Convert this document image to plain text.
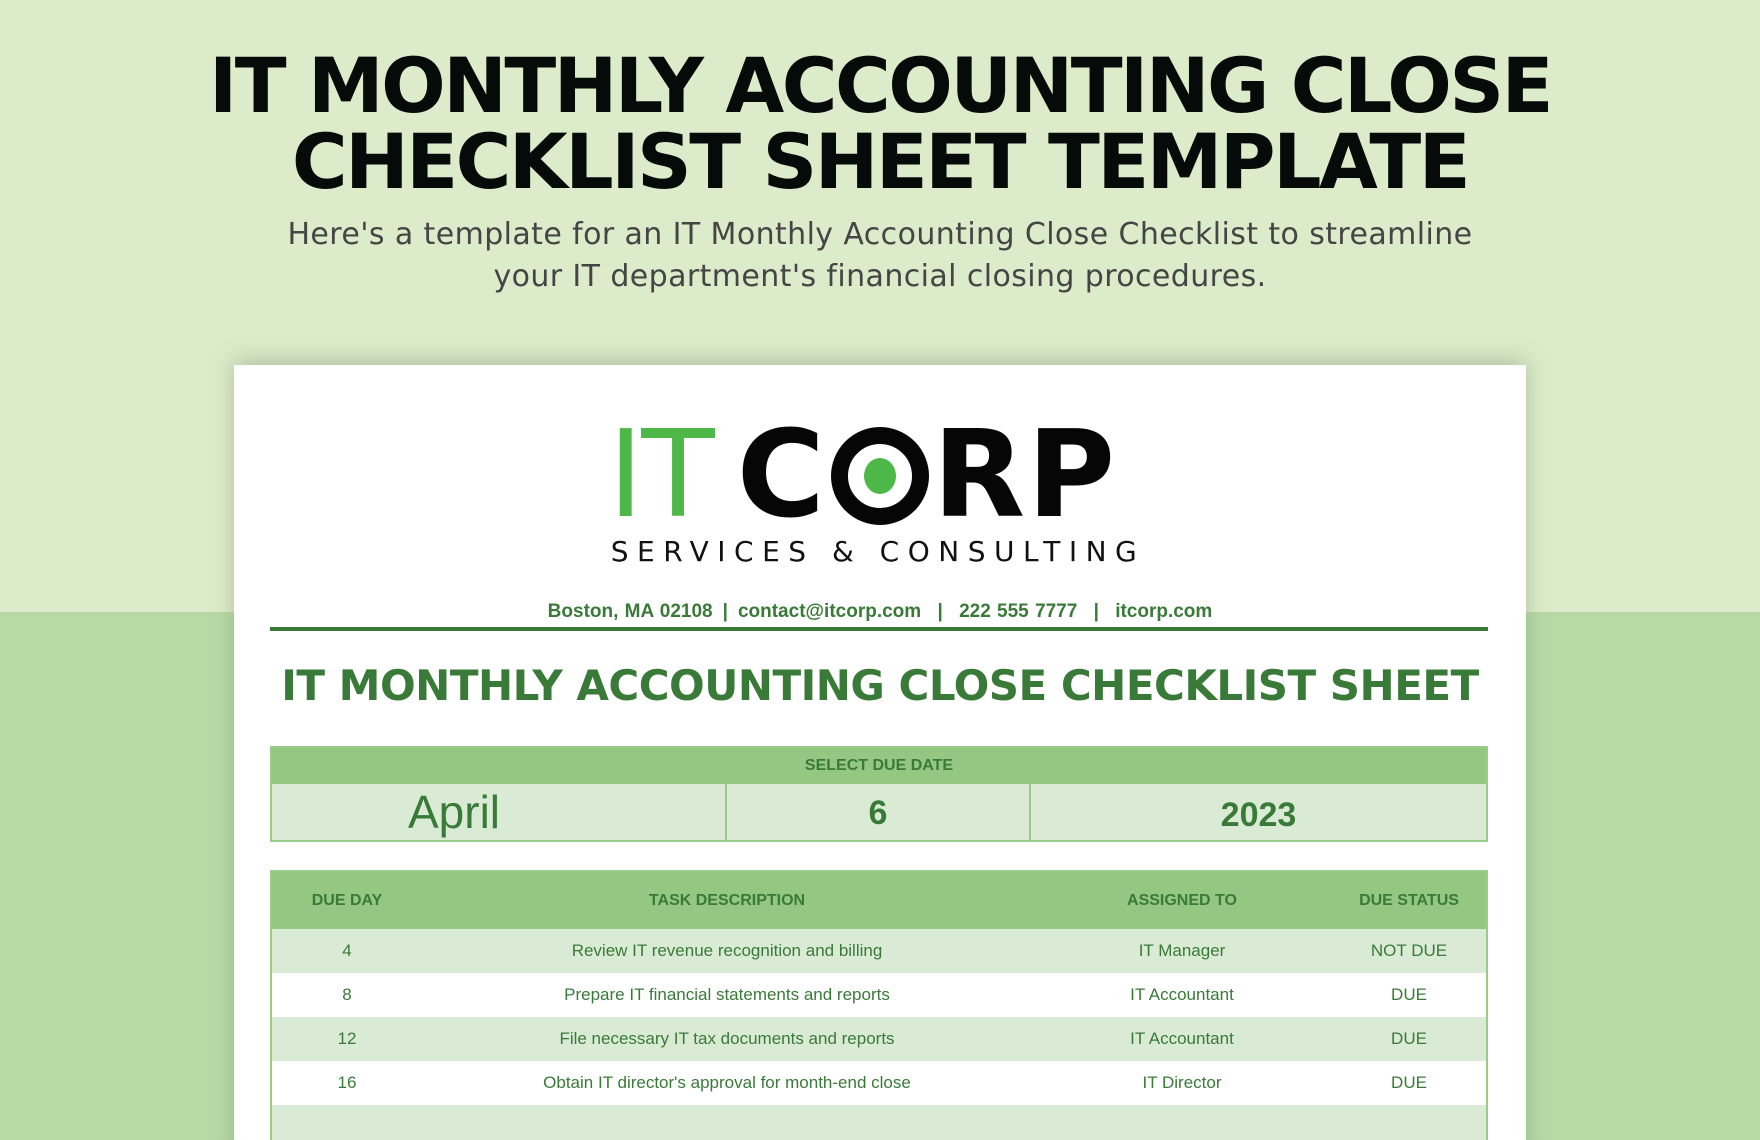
IT MONTHLY ACCOUNTING CLOSE
CHECKLIST SHEET TEMPLATE
Here's a template for an IT Monthly Accounting Close Checklist to streamline
your IT department's financial closing procedures.
IT C RP
SERVICES & CONSULTING
Boston, MA 02108 | contact@itcorp.com | 222 555 7777 | itcorp.com
IT MONTHLY ACCOUNTING CLOSE CHECKLIST SHEET
SELECT DUE DATE
April	6	2023
DUE DAY	TASK DESCRIPTION	ASSIGNED TO	DUE STATUS
4	Review IT revenue recognition and billing	IT Manager	NOT DUE
8	Prepare IT financial statements and reports	IT Accountant	DUE
12	File necessary IT tax documents and reports	IT Accountant	DUE
16	Obtain IT director's approval for month-end close	IT Director	DUE
